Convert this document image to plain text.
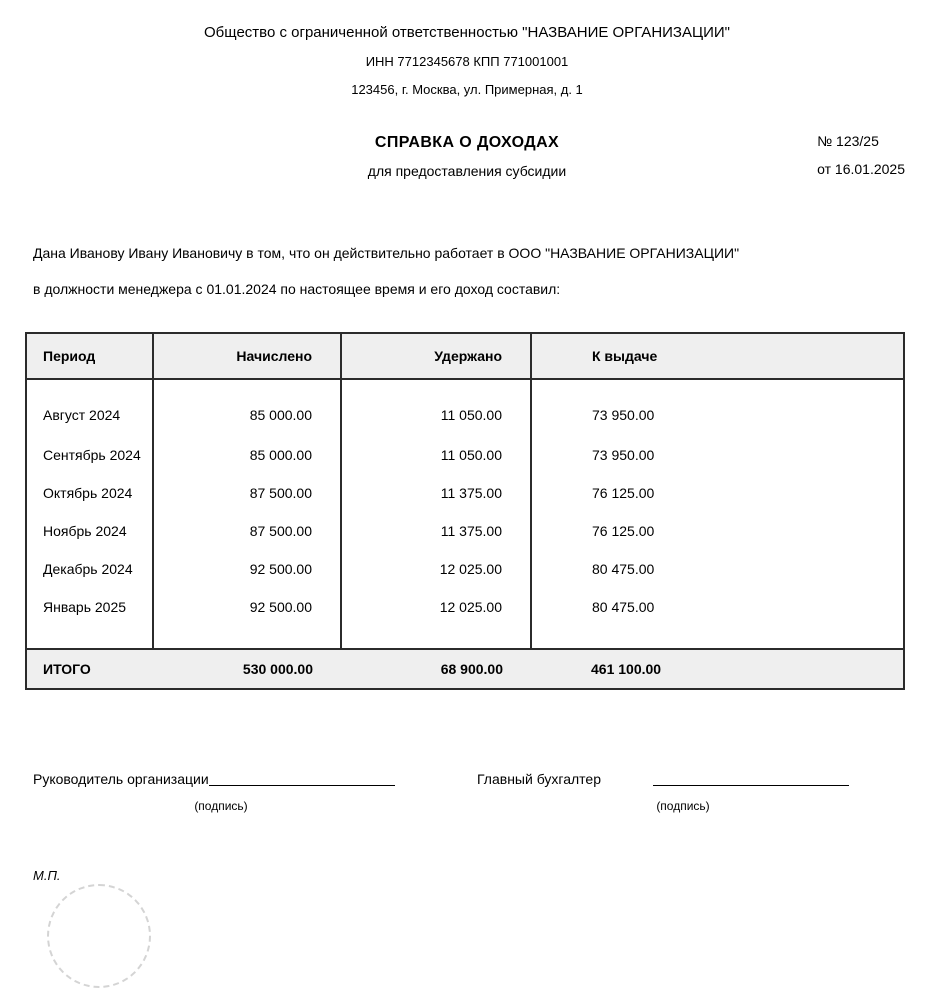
Общество с ограниченной ответственностью "НАЗВАНИЕ ОРГАНИЗАЦИИ"
ИНН 7712345678 КПП 771001001
123456, г. Москва, ул. Примерная, д. 1
№ 123/25
от 16.01.2025
СПРАВКА О ДОХОДАХ
для предоставления субсидии
Дана Иванову Ивану Ивановичу в том, что он действительно работает в ООО "НАЗВАНИЕ ОРГАНИЗАЦИИ"
в должности менеджера с 01.01.2024 по настоящее время и его доход составил:
Период	Начислено	Удержано	К выдаче
Август 2024	85 000.00	11 050.00	73 950.00
Сентябрь 2024	85 000.00	11 050.00	73 950.00
Октябрь 2024	87 500.00	11 375.00	76 125.00
Ноябрь 2024	87 500.00	11 375.00	76 125.00
Декабрь 2024	92 500.00	12 025.00	80 475.00
Январь 2025	92 500.00	12 025.00	80 475.00

ИТОГО	530 000.00	68 900.00	461 100.00
Руководитель организации
(подпись)
Главный бухгалтер
(подпись)
М.П.
